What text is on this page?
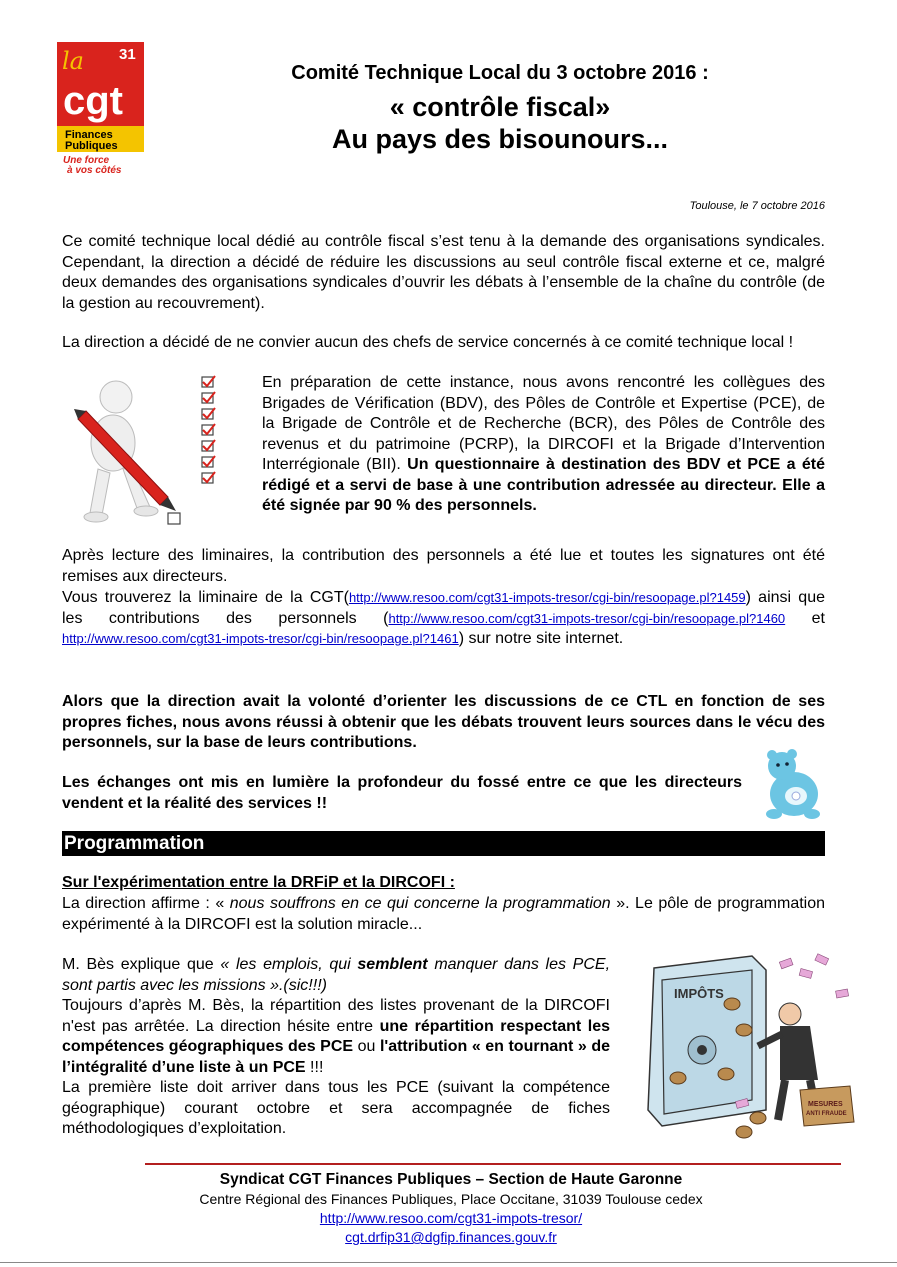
31
la
cgt
Finances
Publiques
Une force
à vos côtés
Comité Technique Local du 3 octobre 2016 :
« contrôle fiscal»
Au pays des bisounours...
Toulouse, le 7 octobre 2016
Ce comité technique local dédié au contrôle fiscal s’est tenu à la demande des organisations syndicales. Cependant, la direction a décidé de réduire les discussions au seul contrôle fiscal externe et ce, malgré deux demandes des organisations syndicales d’ouvrir les débats à l’ensemble de la chaîne du contrôle (de la gestion au recouvrement).
La direction a décidé de ne convier aucun des chefs de service concernés à ce comité technique local !
En préparation de cette instance, nous avons rencontré les collègues des Brigades de Vérification (BDV), des Pôles de Contrôle et Expertise (PCE), de la Brigade de Contrôle et de Recherche (BCR), des Pôles de Contrôle des revenus et du patrimoine (PCRP), la DIRCOFI et la Brigade d’Intervention Interrégionale (BII). Un questionnaire à destination des BDV et PCE a été rédigé et a servi de base à une contribution adressée au directeur. Elle a été signée par 90 % des personnels.
Après lecture des liminaires, la contribution des personnels a été lue et toutes les signatures ont été remises aux directeurs.
Vous trouverez la liminaire de la CGT(http://www.resoo.com/cgt31-impots-tresor/cgi-bin/resoopage.pl?1459) ainsi que les contributions des personnels (http://www.resoo.com/cgt31-impots-tresor/cgi-bin/resoopage.pl?1460 et http://www.resoo.com/cgt31-impots-tresor/cgi-bin/resoopage.pl?1461) sur notre site internet.
Alors que la direction avait la volonté d’orienter les discussions de ce CTL en fonction de ses propres fiches, nous avons réussi à obtenir que les débats trouvent leurs sources dans le vécu des personnels, sur la base de leurs contributions.
Les échanges ont mis en lumière la profondeur du fossé entre ce que les directeurs vendent et la réalité des services !!
Programmation
Sur l'expérimentation entre la DRFiP et la DIRCOFI :
La direction affirme : « nous souffrons en ce qui concerne la programmation ». Le pôle de programmation expérimenté à la DIRCOFI est la solution miracle...
M. Bès explique que « les emplois, qui semblent manquer dans les PCE, sont partis avec les missions ».(sic!!!)
Toujours d’après M. Bès, la répartition des listes provenant de la DIRCOFI n'est pas arrêtée. La direction hésite entre une répartition respectant les compétences géographiques des PCE ou l'attribution « en tournant » de l’intégralité d’une liste à un PCE !!!
La première liste doit arriver dans tous les PCE (suivant la compétence géographique) courant octobre et sera accompagnée de fiches méthodologiques d’exploitation.
IMPÔTS
MESURES
ANTI FRAUDE
Syndicat CGT Finances Publiques – Section de Haute Garonne
Centre Régional des Finances Publiques, Place Occitane, 31039 Toulouse cedex
http://www.resoo.com/cgt31-impots-tresor/
cgt.drfip31@dgfip.finances.gouv.fr
